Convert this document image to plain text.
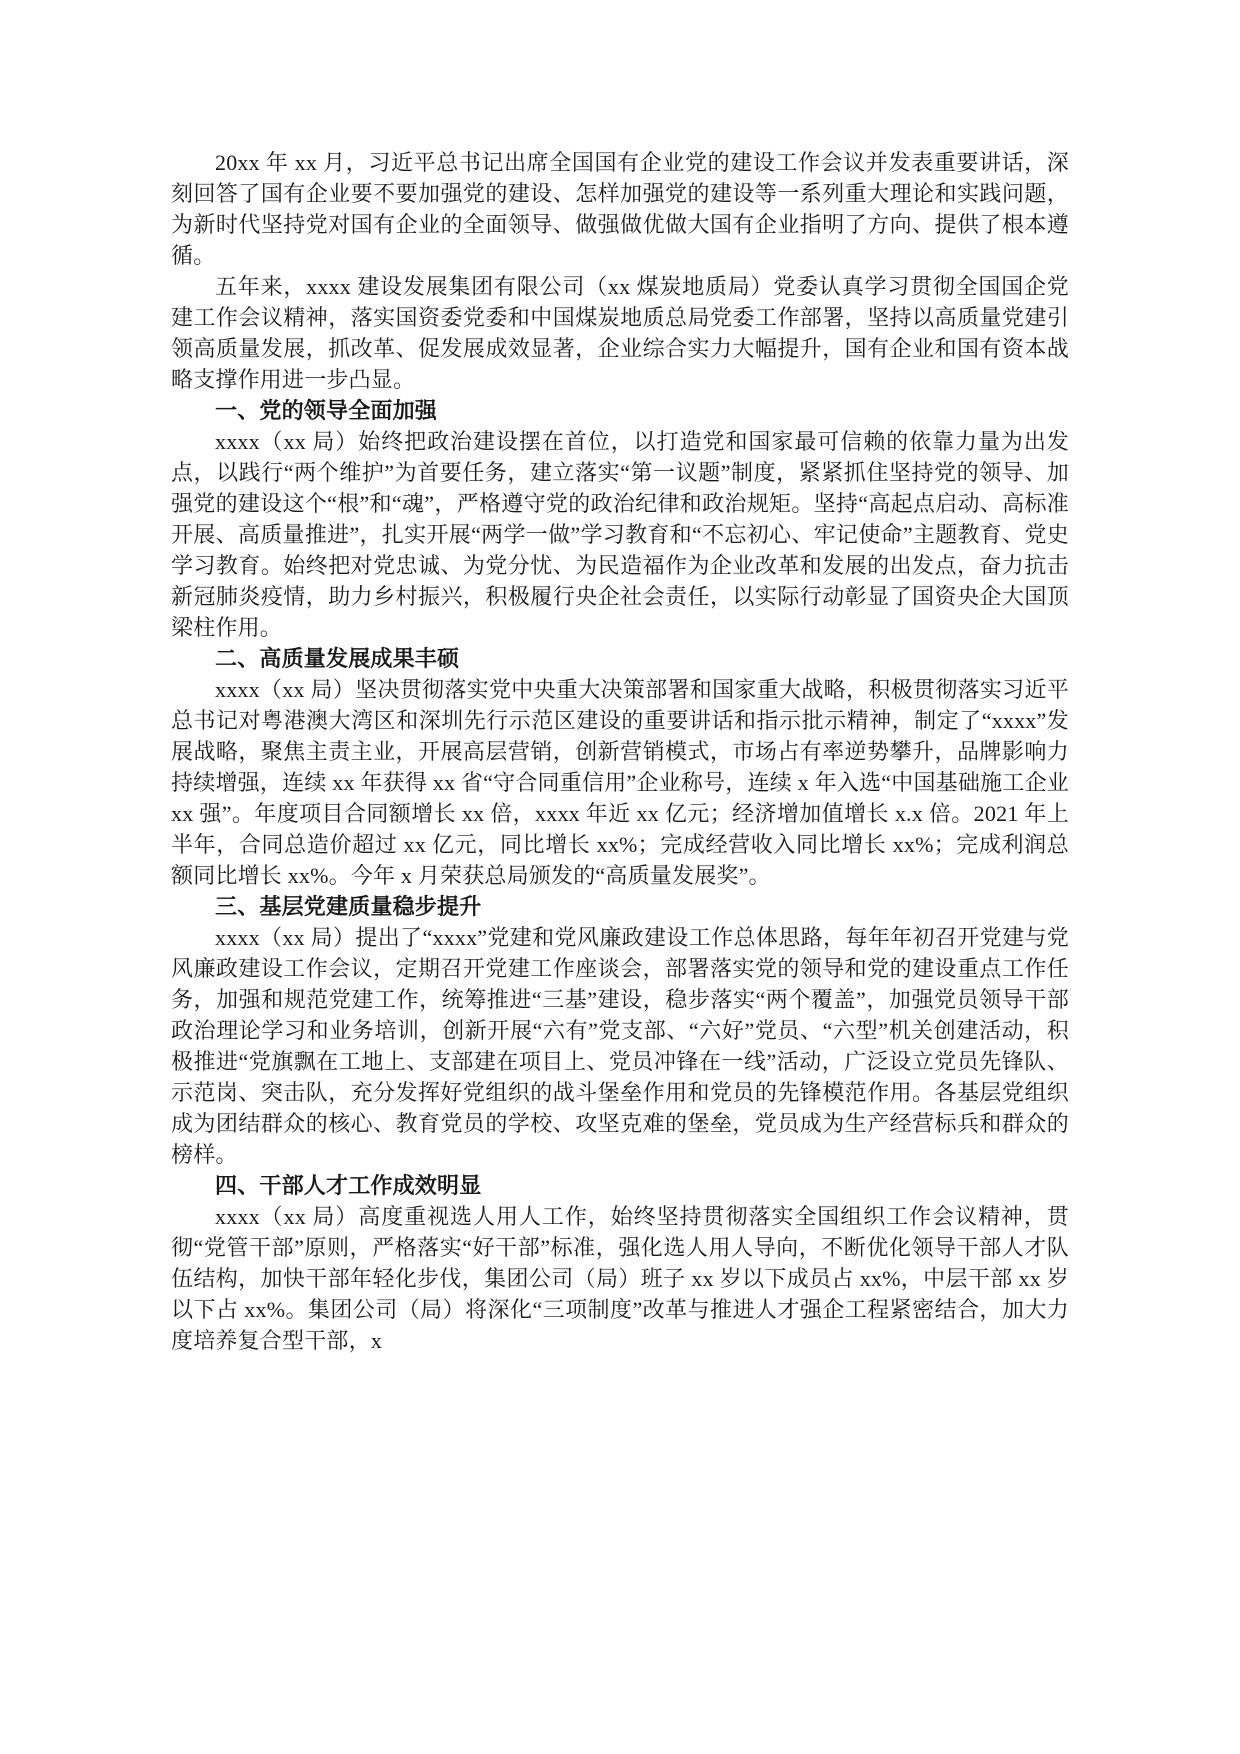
20xx 年 xx 月，习近平总书记出席全国国有企业党的建设工作会议并发表重要讲话，深刻回答了国有企业要不要加强党的建设、怎样加强党的建设等一系列重大理论和实践问题，为新时代坚持党对国有企业的全面领导、做强做优做大国有企业指明了方向、提供了根本遵循。

五年来，xxxx 建设发展集团有限公司（xx 煤炭地质局）党委认真学习贯彻全国国企党建工作会议精神，落实国资委党委和中国煤炭地质总局党委工作部署，坚持以高质量党建引领高质量发展，抓改革、促发展成效显著，企业综合实力大幅提升，国有企业和国有资本战略支撑作用进一步凸显。

一、党的领导全面加强

xxxx（xx 局）始终把政治建设摆在首位，以打造党和国家最可信赖的依靠力量为出发点，以践行“两个维护”为首要任务，建立落实“第一议题”制度，紧紧抓住坚持党的领导、加强党的建设这个“根”和“魂”，严格遵守党的政治纪律和政治规矩。坚持“高起点启动、高标准开展、高质量推进”，扎实开展“两学一做”学习教育和“不忘初心、牢记使命”主题教育、党史学习教育。始终把对党忠诚、为党分忧、为民造福作为企业改革和发展的出发点，奋力抗击新冠肺炎疫情，助力乡村振兴，积极履行央企社会责任，以实际行动彰显了国资央企大国顶梁柱作用。

二、高质量发展成果丰硕

xxxx（xx 局）坚决贯彻落实党中央重大决策部署和国家重大战略，积极贯彻落实习近平总书记对粤港澳大湾区和深圳先行示范区建设的重要讲话和指示批示精神，制定了“xxxx”发展战略，聚焦主责主业，开展高层营销，创新营销模式，市场占有率逆势攀升，品牌影响力持续增强，连续 xx 年获得 xx 省“守合同重信用”企业称号，连续 x 年入选“中国基础施工企业 xx 强”。年度项目合同额增长 xx 倍，xxxx 年近 xx 亿元；经济增加值增长 x.x 倍。2021 年上半年，合同总造价超过 xx 亿元，同比增长 xx%；完成经营收入同比增长 xx%；完成利润总额同比增长 xx%。今年 x 月荣获总局颁发的“高质量发展奖”。

三、基层党建质量稳步提升

xxxx（xx 局）提出了“xxxx”党建和党风廉政建设工作总体思路，每年年初召开党建与党风廉政建设工作会议，定期召开党建工作座谈会，部署落实党的领导和党的建设重点工作任务，加强和规范党建工作，统筹推进“三基”建设，稳步落实“两个覆盖”，加强党员领导干部政治理论学习和业务培训，创新开展“六有”党支部、“六好”党员、“六型”机关创建活动，积极推进“党旗飘在工地上、支部建在项目上、党员冲锋在一线”活动，广泛设立党员先锋队、示范岗、突击队，充分发挥好党组织的战斗堡垒作用和党员的先锋模范作用。各基层党组织成为团结群众的核心、教育党员的学校、攻坚克难的堡垒，党员成为生产经营标兵和群众的榜样。

四、干部人才工作成效明显

xxxx（xx 局）高度重视选人用人工作，始终坚持贯彻落实全国组织工作会议精神，贯彻“党管干部”原则，严格落实“好干部”标准，强化选人用人导向，不断优化领导干部人才队伍结构，加快干部年轻化步伐，集团公司（局）班子 xx 岁以下成员占 xx%，中层干部 xx 岁以下占 xx%。集团公司（局）将深化“三项制度”改革与推进人才强企工程紧密结合，加大力度培养复合型干部，x
